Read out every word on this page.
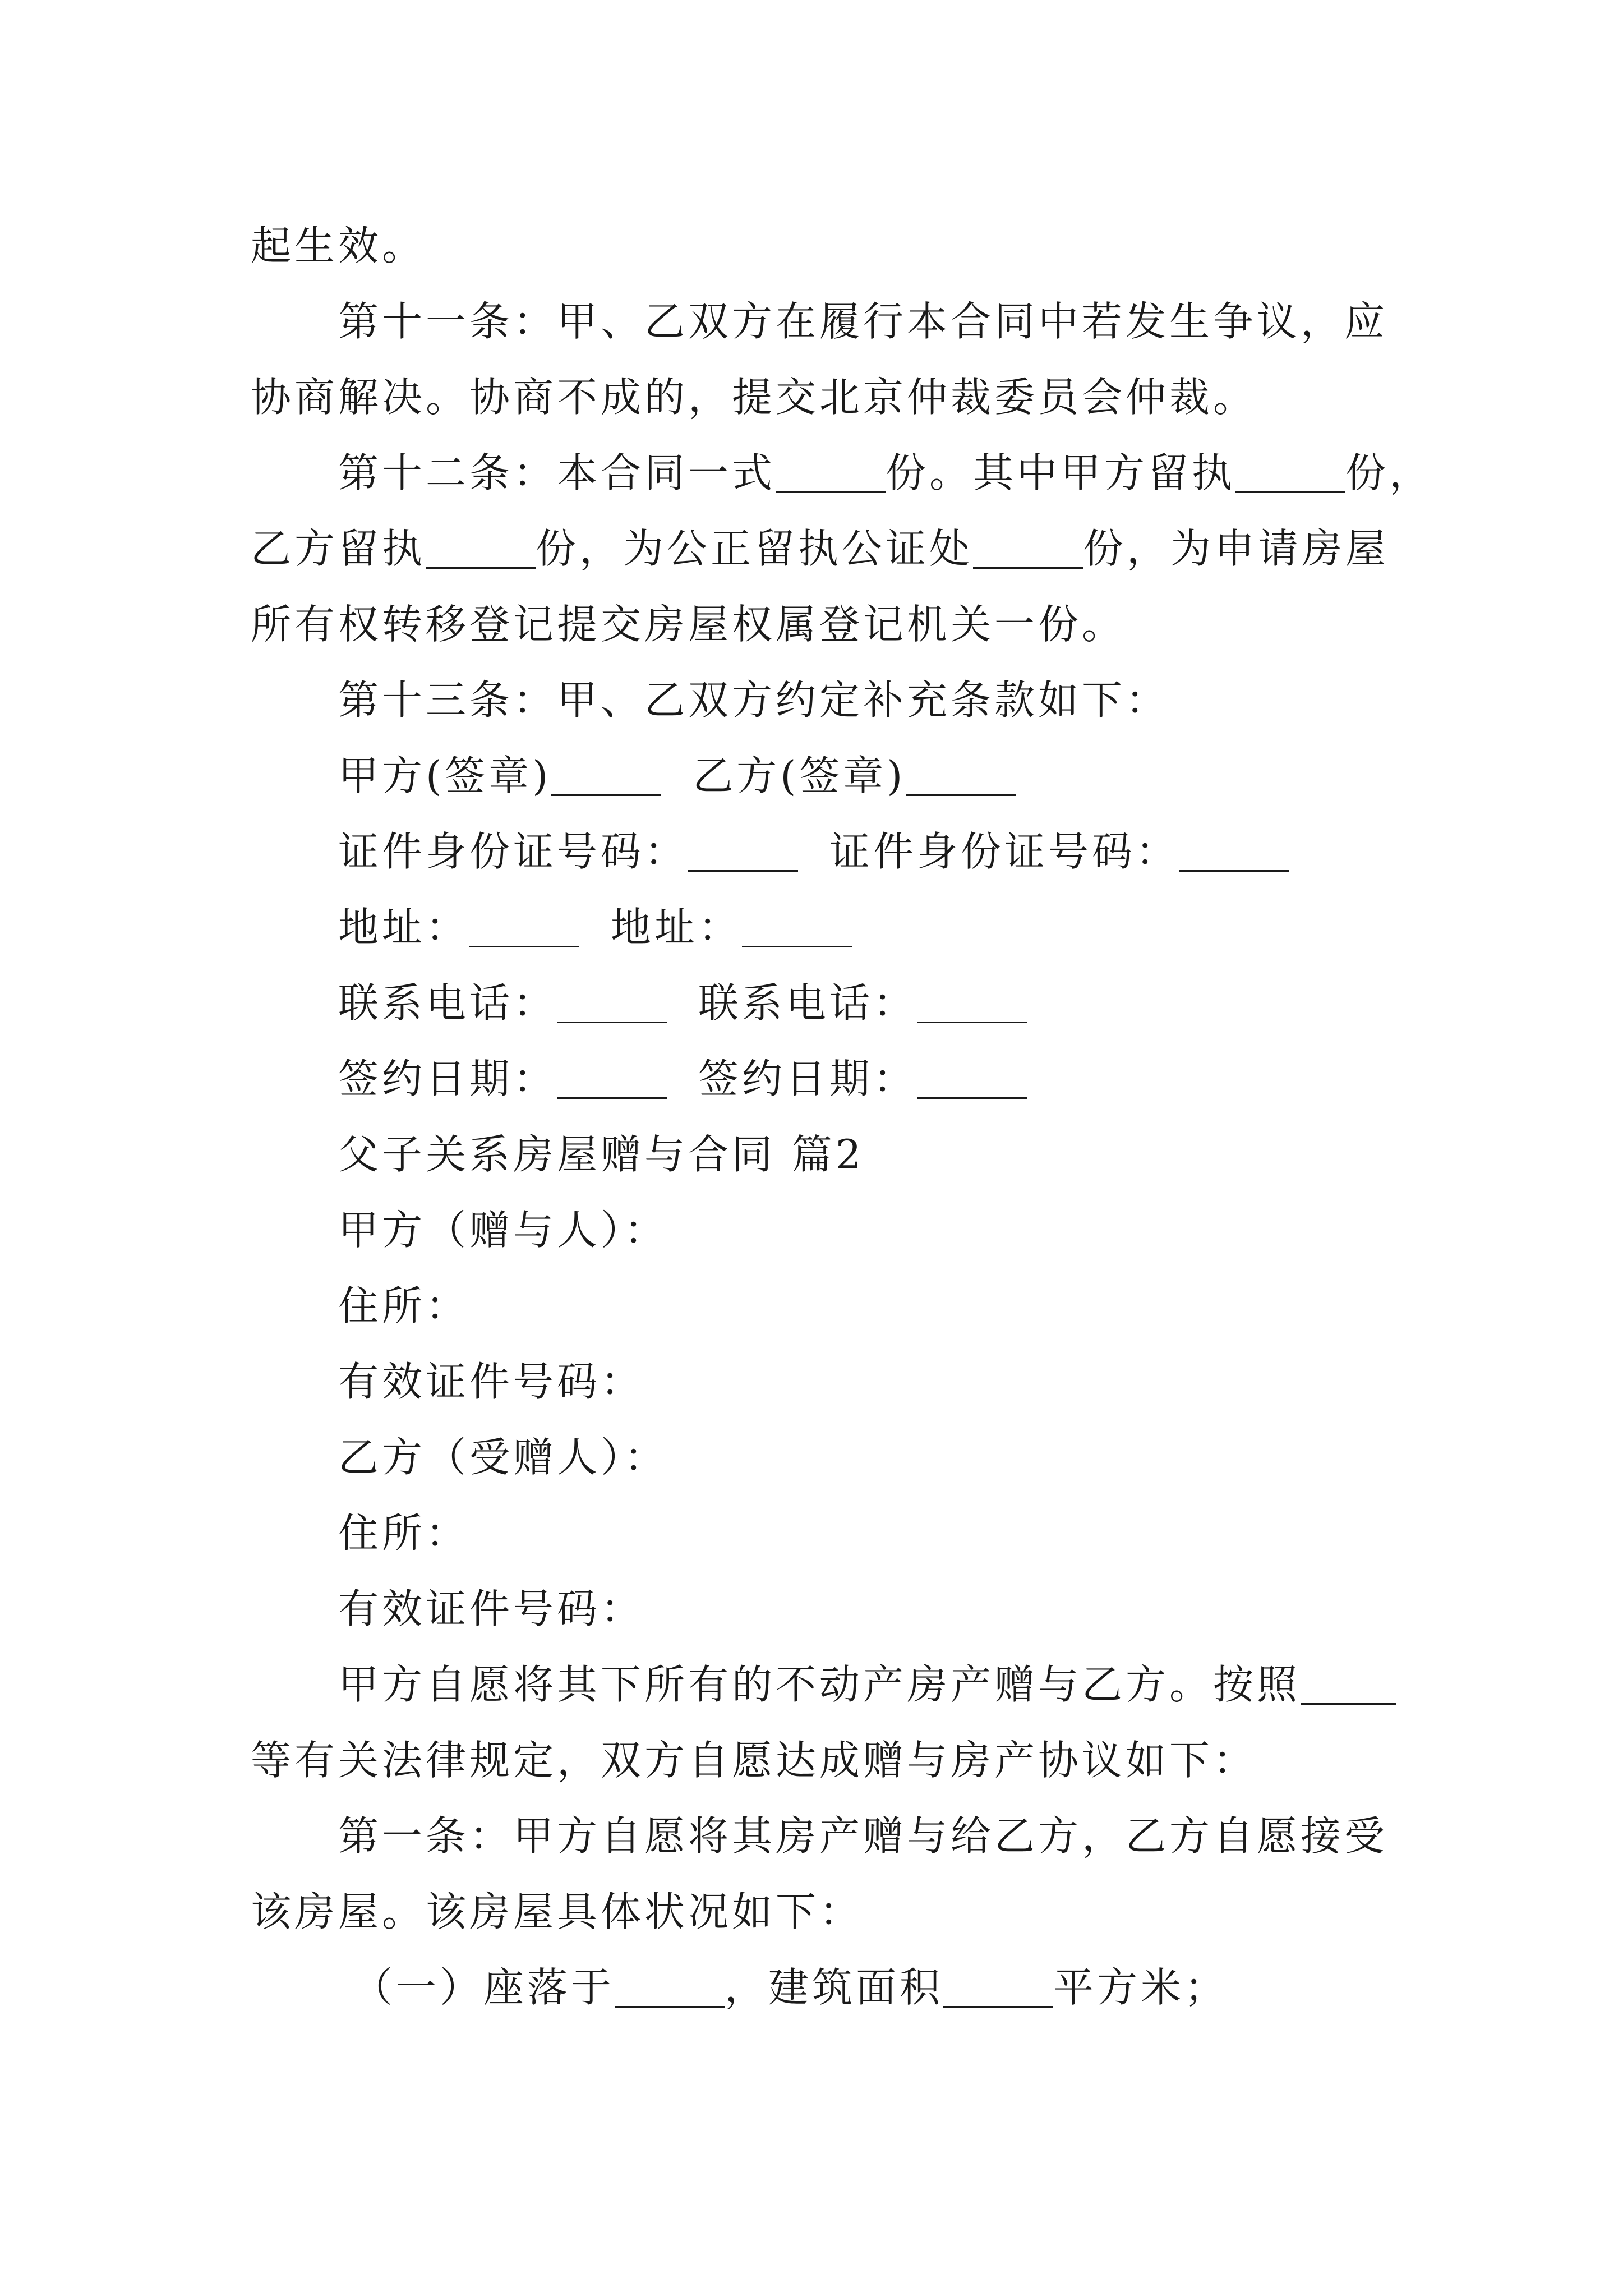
起生效。
第十一条：甲、乙双方在履行本合同中若发生争议，应
协商解决。协商不成的，提交北京仲裁委员会仲裁。
第十二条：本合同一式	份。其中甲方留执	份，
乙方留执	份，为公正留执公证处	份，为申请房屋
所有权转移登记提交房屋权属登记机关一份。
第十三条：甲、乙双方约定补充条款如下：
甲方(签章)	乙方(签章)
证件身份证号码：	证件身份证号码：
地址：	地址：
联系电话：	联系电话：
签约日期：	签约日期：
父子关系房屋赠与合同 篇2
甲方（赠与人）：
住所：
有效证件号码：
乙方（受赠人）：
住所：
有效证件号码：
甲方自愿将其下所有的不动产房产赠与乙方。按照
等有关法律规定，双方自愿达成赠与房产协议如下：
第一条：甲方自愿将其房产赠与给乙方，乙方自愿接受
该房屋。该房屋具体状况如下：
（一）座落于	，建筑面积	平方米；
